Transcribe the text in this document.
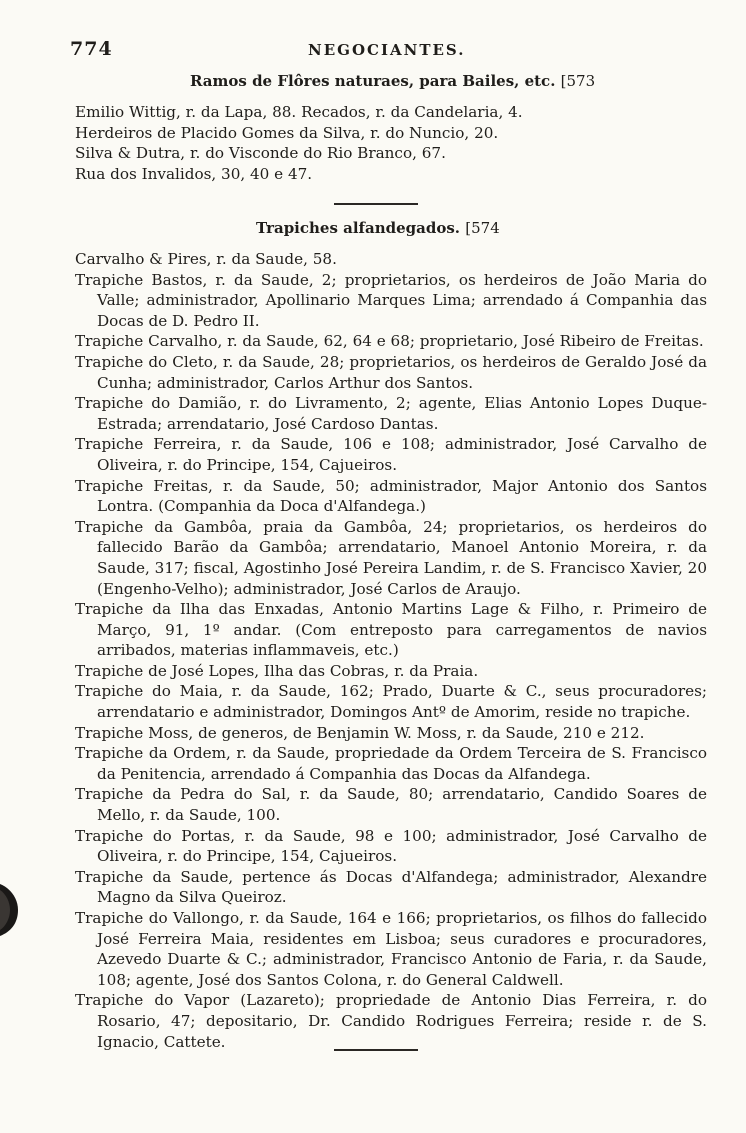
774	NEGOCIANTES.
Ramos de Flôres naturaes, para Bailes, etc. [573

Emilio Wittig, r. da Lapa, 88. Recados, r. da Candelaria, 4.

Herdeiros de Placido Gomes da Silva, r. do Nuncio, 20.

Silva & Dutra, r. do Visconde do Rio Branco, 67.

Rua dos Invalidos, 30, 40 e 47.

Trapiches alfandegados. [574

Carvalho & Pires, r. da Saude, 58.

Trapiche Bastos, r. da Saude, 2; proprietarios, os herdeiros de João Maria do Valle; administrador, Apollinario Marques Lima; arrendado á Companhia das Docas de D. Pedro II.

Trapiche Carvalho, r. da Saude, 62, 64 e 68; proprietario, José Ribeiro de Freitas.

Trapiche do Cleto, r. da Saude, 28; proprietarios, os herdeiros de Geraldo José da Cunha; administrador, Carlos Arthur dos Santos.

Trapiche do Damião, r. do Livramento, 2; agente, Elias Antonio Lopes Duque-Estrada; arrendatario, José Cardoso Dantas.

Trapiche Ferreira, r. da Saude, 106 e 108; administrador, José Carvalho de Oliveira, r. do Principe, 154, Cajueiros.

Trapiche Freitas, r. da Saude, 50; administrador, Major Antonio dos Santos Lontra. (Companhia da Doca d'Alfandega.)

Trapiche da Gambôa, praia da Gambôa, 24; proprietarios, os herdeiros do fallecido Barão da Gambôa; arrendatario, Manoel Antonio Moreira, r. da Saude, 317; fiscal, Agostinho José Pereira Landim, r. de S. Francisco Xavier, 20 (Engenho-Velho); administrador, José Carlos de Araujo.

Trapiche da Ilha das Enxadas, Antonio Martins Lage & Filho, r. Primeiro de Março, 91, 1º andar. (Com entreposto para carregamentos de navios arribados, materias inflammaveis, etc.)

Trapiche de José Lopes, Ilha das Cobras, r. da Praia.

Trapiche do Maia, r. da Saude, 162; Prado, Duarte & C., seus procuradores; arrendatario e administrador, Domingos Antº de Amorim, reside no trapiche.

Trapiche Moss, de generos, de Benjamin W. Moss, r. da Saude, 210 e 212.

Trapiche da Ordem, r. da Saude, propriedade da Ordem Terceira de S. Francisco da Penitencia, arrendado á Companhia das Docas da Alfandega.

Trapiche da Pedra do Sal, r. da Saude, 80; arrendatario, Candido Soares de Mello, r. da Saude, 100.

Trapiche do Portas, r. da Saude, 98 e 100; administrador, José Carvalho de Oliveira, r. do Principe, 154, Cajueiros.

Trapiche da Saude, pertence ás Docas d'Alfandega; administrador, Alexandre Magno da Silva Queiroz.

Trapiche do Vallongo, r. da Saude, 164 e 166; proprietarios, os filhos do fallecido José Ferreira Maia, residentes em Lisboa; seus curadores e procuradores, Azevedo Duarte & C.; administrador, Francisco Antonio de Faria, r. da Saude, 108; agente, José dos Santos Colona, r. do General Caldwell.

Trapiche do Vapor (Lazareto); propriedade de Antonio Dias Ferreira, r. do Rosario, 47; depositario, Dr. Candido Rodrigues Ferreira; reside r. de S. Ignacio, Cattete.
